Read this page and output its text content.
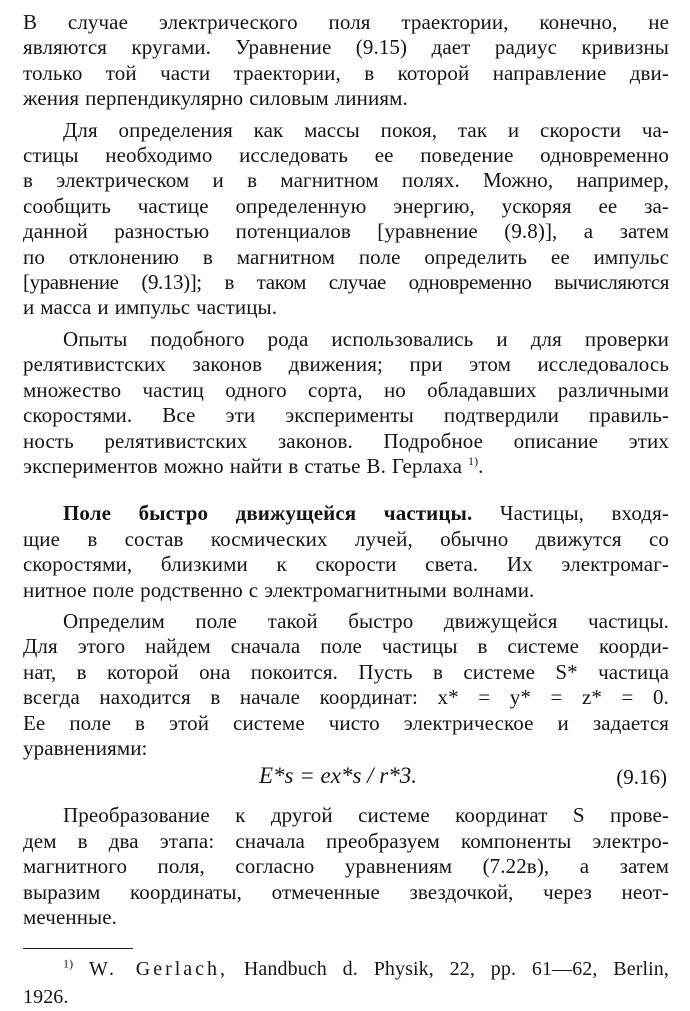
В случае электрического поля траектории, конечно, не
являются кругами. Уравнение (9.15) дает радиус кривизны
только той части траектории, в которой направление дви-
жения перпендикулярно силовым линиям.
Для определения как массы покоя, так и скорости ча-
стицы необходимо исследовать ее поведение одновременно
в электрическом и в магнитном полях. Можно, например,
сообщить частице определенную энергию, ускоряя ее за-
данной разностью потенциалов [уравнение (9.8)], а затем
по отклонению в магнитном поле определить ее импульс
[уравнение (9.13)]; в таком случае одновременно вычисляются
и масса и импульс частицы.
Опыты подобного рода использовались и для проверки
релятивистских законов движения; при этом исследовалось
множество частиц одного сорта, но обладавших различными
скоростями. Все эти эксперименты подтвердили правиль-
ность релятивистских законов. Подробное описание этих
экспериментов можно найти в статье В. Герлаха $^{1)}$.
Поле быстро движущейся частицы. Частицы, входя-
щие в состав космических лучей, обычно движутся со
скоростями, близкими к скорости света. Их электромаг-
нитное поле родственно с электромагнитными волнами.
Определим поле такой быстро движущейся частицы.
Для этого найдем сначала поле частицы в системе коорди-
нат, в которой она покоится. Пусть в системе S* частица
всегда находится в начале координат: x* = y* = z* = 0.
Ее поле в этой системе чисто электрическое и задается
уравнениями:
E*s = ex*s / r*3.	(9.16)
Преобразование к другой системе координат S прове-
дем в два этапа: сначала преобразуем компоненты электро-
магнитного поля, согласно уравнениям (7.22в), а затем
выразим координаты, отмеченные звездочкой, через неот-
меченные.
$^{1)}$ W. Gerlach, Handbuch d. Physik, 22, pp. 61—62, Berlin,
1926.
